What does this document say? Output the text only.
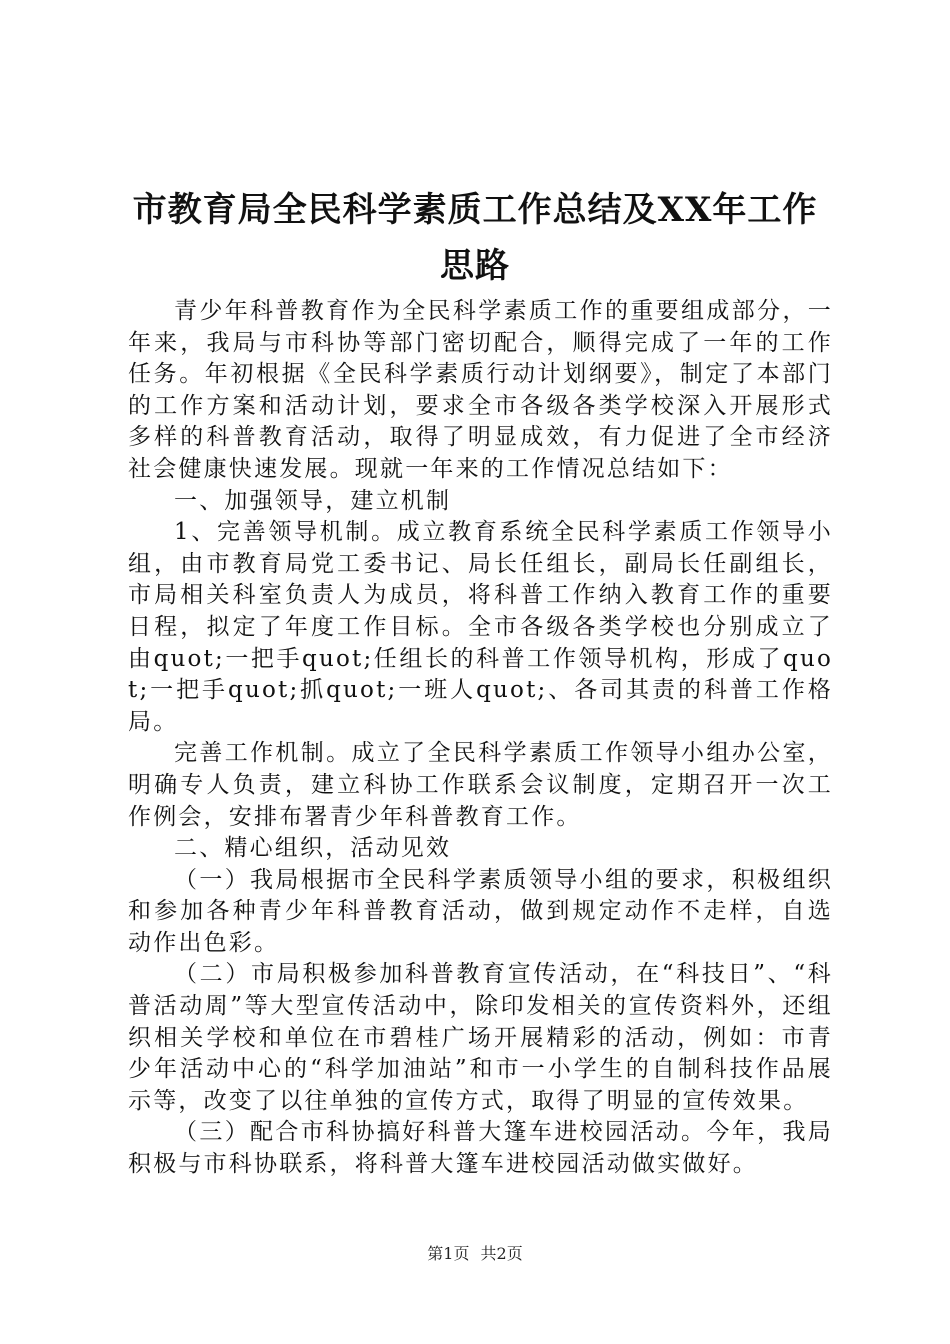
市教育局全民科学素质工作总结及XX年工作
思路

青少年科普教育作为全民科学素质工作的重要组成部分，一年来，我局与市科协等部门密切配合，顺得完成了一年的工作任务。年初根据《全民科学素质行动计划纲要》，制定了本部门的工作方案和活动计划，要求全市各级各类学校深入开展形式多样的科普教育活动，取得了明显成效，有力促进了全市经济社会健康快速发展。现就一年来的工作情况总结如下：

一、加强领导，建立机制

1、完善领导机制。成立教育系统全民科学素质工作领导小组，由市教育局党工委书记、局长任组长，副局长任副组长，市局相关科室负责人为成员，将科普工作纳入教育工作的重要日程，拟定了年度工作目标。全市各级各类学校也分别成立了由quot;一把手quot;任组长的科普工作领导机构，形成了quot;一把手quot;抓quot;一班人quot;、各司其责的科普工作格局。

完善工作机制。成立了全民科学素质工作领导小组办公室，明确专人负责，建立科协工作联系会议制度，定期召开一次工作例会，安排布署青少年科普教育工作。

二、精心组织，活动见效

（一）我局根据市全民科学素质领导小组的要求，积极组织和参加各种青少年科普教育活动，做到规定动作不走样，自选动作出色彩。

（二）市局积极参加科普教育宣传活动，在“科技日”、“科普活动周”等大型宣传活动中，除印发相关的宣传资料外，还组织相关学校和单位在市碧桂广场开展精彩的活动，例如：市青少年活动中心的“科学加油站”和市一小学生的自制科技作品展示等，改变了以往单独的宣传方式，取得了明显的宣传效果。

（三）配合市科协搞好科普大篷车进校园活动。今年，我局积极与市科协联系，将科普大篷车进校园活动做实做好。

第1页 共2页
